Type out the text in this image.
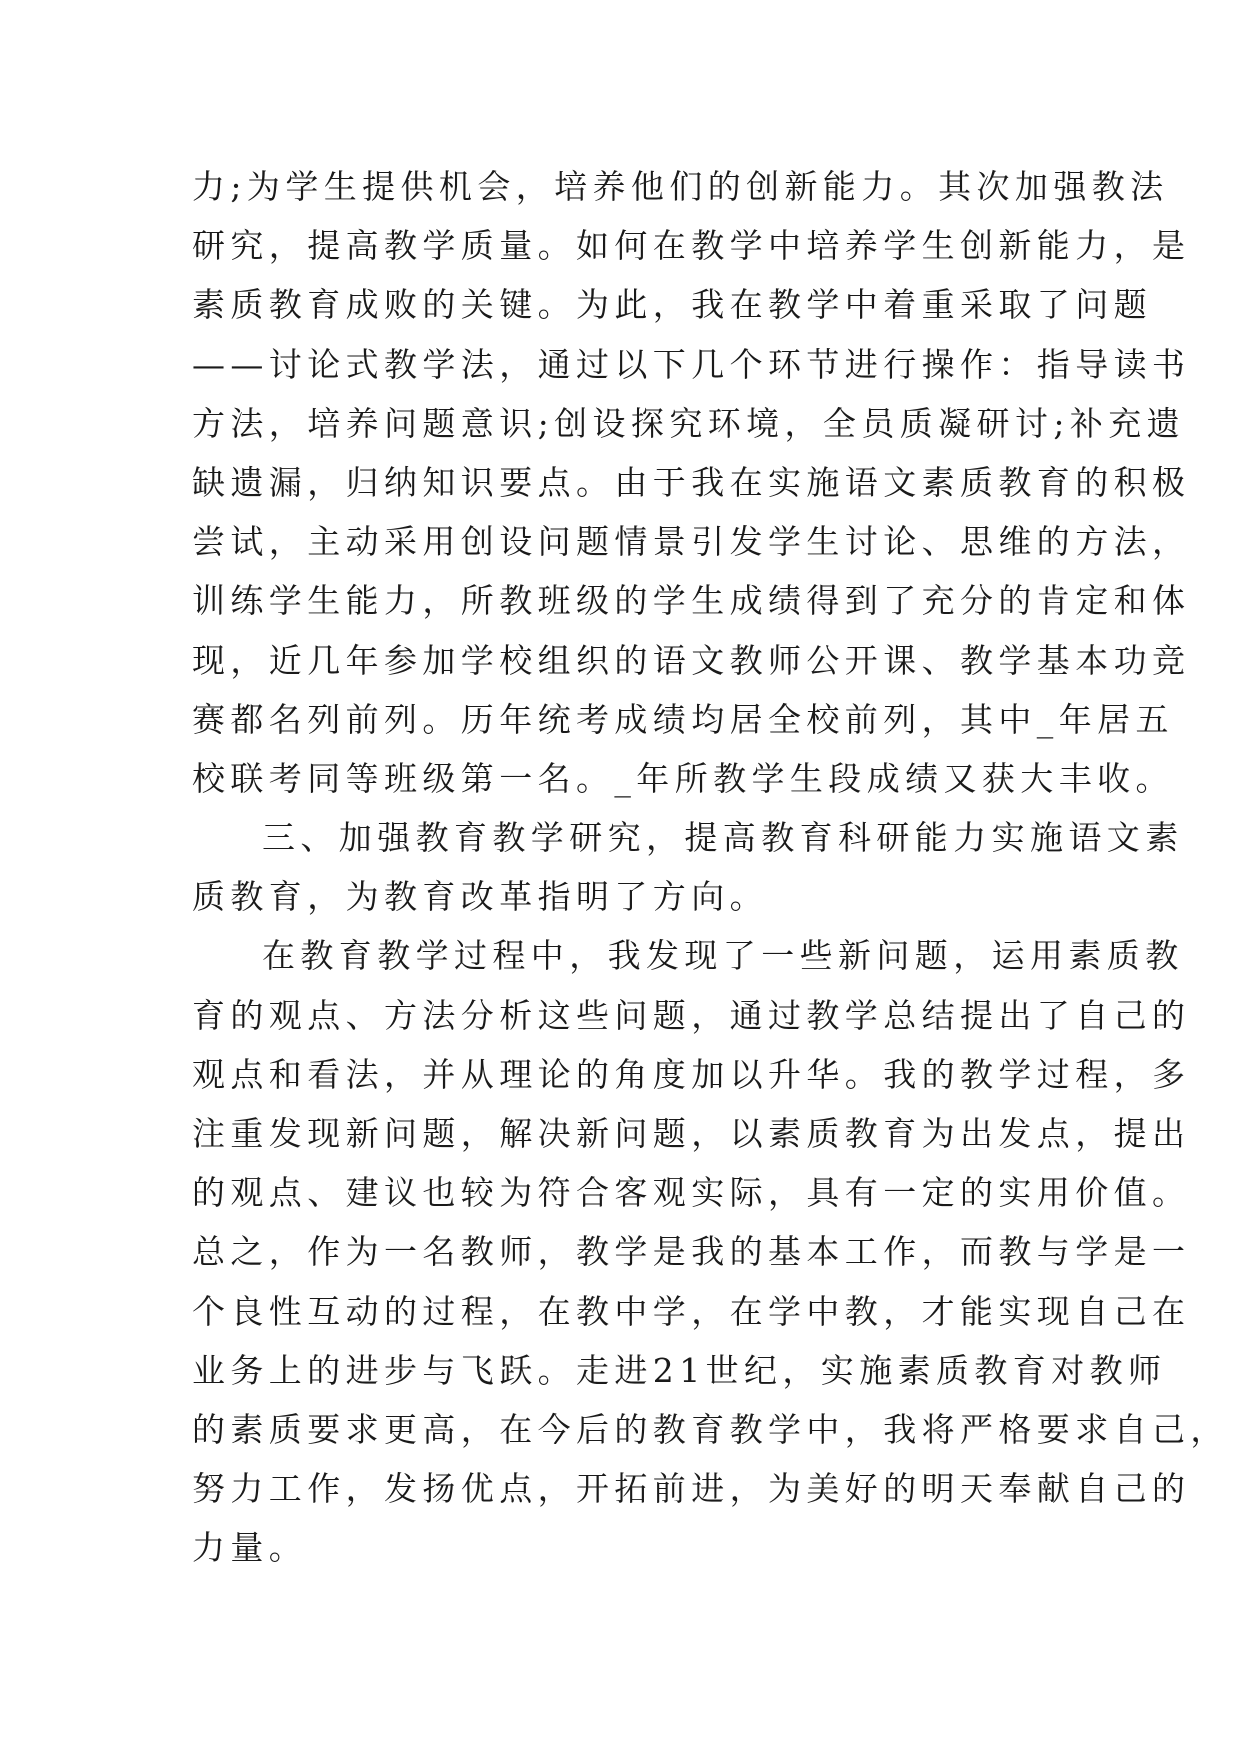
力;为学生提供机会，培养他们的创新能力。其次加强教法
研究，提高教学质量。如何在教学中培养学生创新能力，是
素质教育成败的关键。为此，我在教学中着重采取了问题
——讨论式教学法，通过以下几个环节进行操作：指导读书
方法，培养问题意识;创设探究环境，全员质凝研讨;补充遗
缺遗漏，归纳知识要点。由于我在实施语文素质教育的积极
尝试，主动采用创设问题情景引发学生讨论、思维的方法，
训练学生能力，所教班级的学生成绩得到了充分的肯定和体
现，近几年参加学校组织的语文教师公开课、教学基本功竞
赛都名列前列。历年统考成绩均居全校前列，其中_年居五
校联考同等班级第一名。_年所教学生段成绩又获大丰收。
三、加强教育教学研究，提高教育科研能力实施语文素
质教育，为教育改革指明了方向。
在教育教学过程中，我发现了一些新问题，运用素质教
育的观点、方法分析这些问题，通过教学总结提出了自己的
观点和看法，并从理论的角度加以升华。我的教学过程，多
注重发现新问题，解决新问题，以素质教育为出发点，提出
的观点、建议也较为符合客观实际，具有一定的实用价值。
总之，作为一名教师，教学是我的基本工作，而教与学是一
个良性互动的过程，在教中学，在学中教，才能实现自己在
业务上的进步与飞跃。走进21世纪，实施素质教育对教师
的素质要求更高，在今后的教育教学中，我将严格要求自己，
努力工作，发扬优点，开拓前进，为美好的明天奉献自己的
力量。
